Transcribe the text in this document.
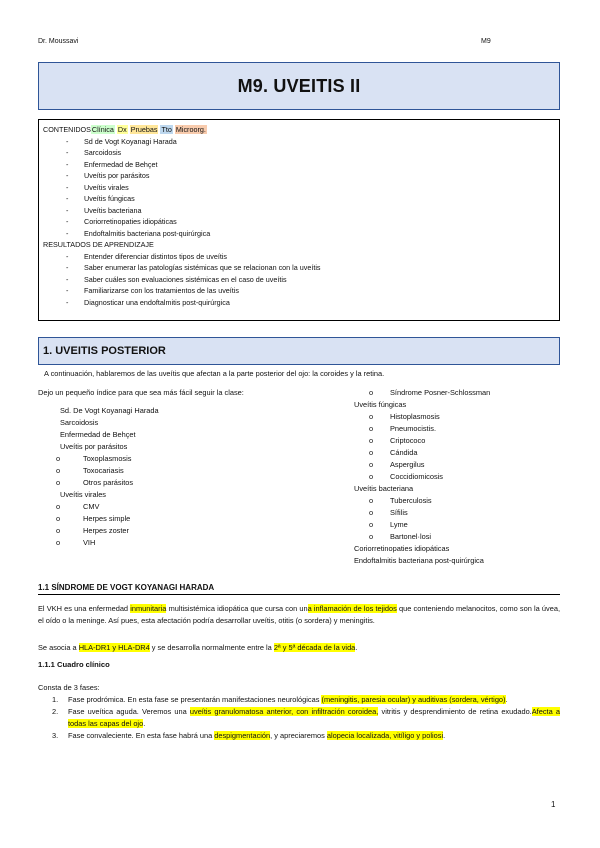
Dr. Moussavi	M9
M9. UVEITIS II
CONTENIDOSClínica Dx Pruebas Tto Microorg.
- Sd de Vogt Koyanagi Harada
- Sarcoidosis
- Enfermedad de Behçet
- Uveítis por parásitos
- Uveítis virales
- Uveítis fúngicas
- Uveítis bacteriana
- Coriorretinopaties idiopáticas
- Endoftalmitis bacteriana post-quirúrgica
RESULTADOS DE APRENDIZAJE
- Entender diferenciar distintos tipos de uveítis
- Saber enumerar las patologías sistémicas que se relacionan con la uveítis
- Saber cuáles son evaluaciones sistémicas en el caso de uveítis
- Familiarizarse con los tratamientos de las uveítis
- Diagnosticar una endoftalmitis post-quirúrgica
1. UVEITIS POSTERIOR
A continuación, hablaremos de las uveítis que afectan a la parte posterior del ojo: la coroides y la retina.
Dejo un pequeño índice para que sea más fácil seguir la clase:
Sd. De Vogt Koyanagi Harada
Sarcoidosis
Enfermedad de Behçet
Uveítis por parásitos
o Toxoplasmosis
o Toxocariasis
o Otros parásitos
Uveítis virales
o CMV
o Herpes simple
o Herpes zoster
o VIH
o Síndrome Posner-Schlossman
Uveítis fúngicas
o Histoplasmosis
o Pneumocistis.
o Criptococo
o Cándida
o Aspergilus
o Coccidiomicosis
Uveítis bacteriana
o Tuberculosis
o Sífilis
o Lyme
o Bartonel·losi
Coriorretinopaties idiopáticas
Endoftalmitis bacteriana post-quirúrgica
1.1 SÍNDROME DE VOGT KOYANAGI HARADA
El VKH es una enfermedad inmunitaria multisistémica idiopática que cursa con una inflamación de los tejidos que conteniendo melanocitos, como son la úvea, el oído o la meninge. Así pues, esta afectación podría desarrollar uveítis, otitis (o sordera) y meningitis.
Se asocia a HLA-DR1 y HLA-DR4 y se desarrolla normalmente entre la 2ª y 5ª década de la vida.
1.1.1 Cuadro clínico
Consta de 3 fases:
1. Fase prodrómica. En esta fase se presentarán manifestaciones neurológicas (meningitis, paresia ocular) y auditivas (sordera, vértigo).
2. Fase uveítica aguda. Veremos una uveítis granulomatosa anterior, con infiltración coroidea, vitritis y desprendimiento de retina exudado.Afecta a todas las capas del ojo.
3. Fase convaleciente. En esta fase habrá una despigmentación, y apreciaremos alopecia localizada, vitíligo y poliosi.
1
